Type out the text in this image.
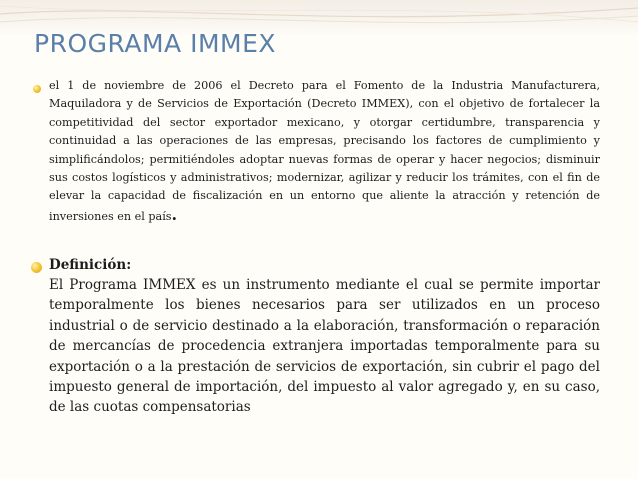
PROGRAMA IMMEX

el 1 de noviembre de 2006 el Decreto para el Fomento de la Industria Manufacturera, Maquiladora y de Servicios de Exportación (Decreto IMMEX), con el objetivo de fortalecer la competitividad del sector exportador mexicano, y otorgar certidumbre, transparencia y continuidad a las operaciones de las empresas, precisando los factores de cumplimiento y simplificándolos; permitiéndoles adoptar nuevas formas de operar y hacer negocios; disminuir sus costos logísticos y administrativos; modernizar, agilizar y reducir los trámites, con el fin de elevar la capacidad de fiscalización en un entorno que aliente la atracción y retención de inversiones en el país.

Definición:

El Programa IMMEX es un instrumento mediante el cual se permite importar temporalmente los bienes necesarios para ser utilizados en un proceso industrial o de servicio destinado a la elaboración, transformación o reparación de mercancías de procedencia extranjera importadas temporalmente para su exportación o a la prestación de servicios de exportación, sin cubrir el pago del impuesto general de importación, del impuesto al valor agregado y, en su caso, de las cuotas compensatorias
